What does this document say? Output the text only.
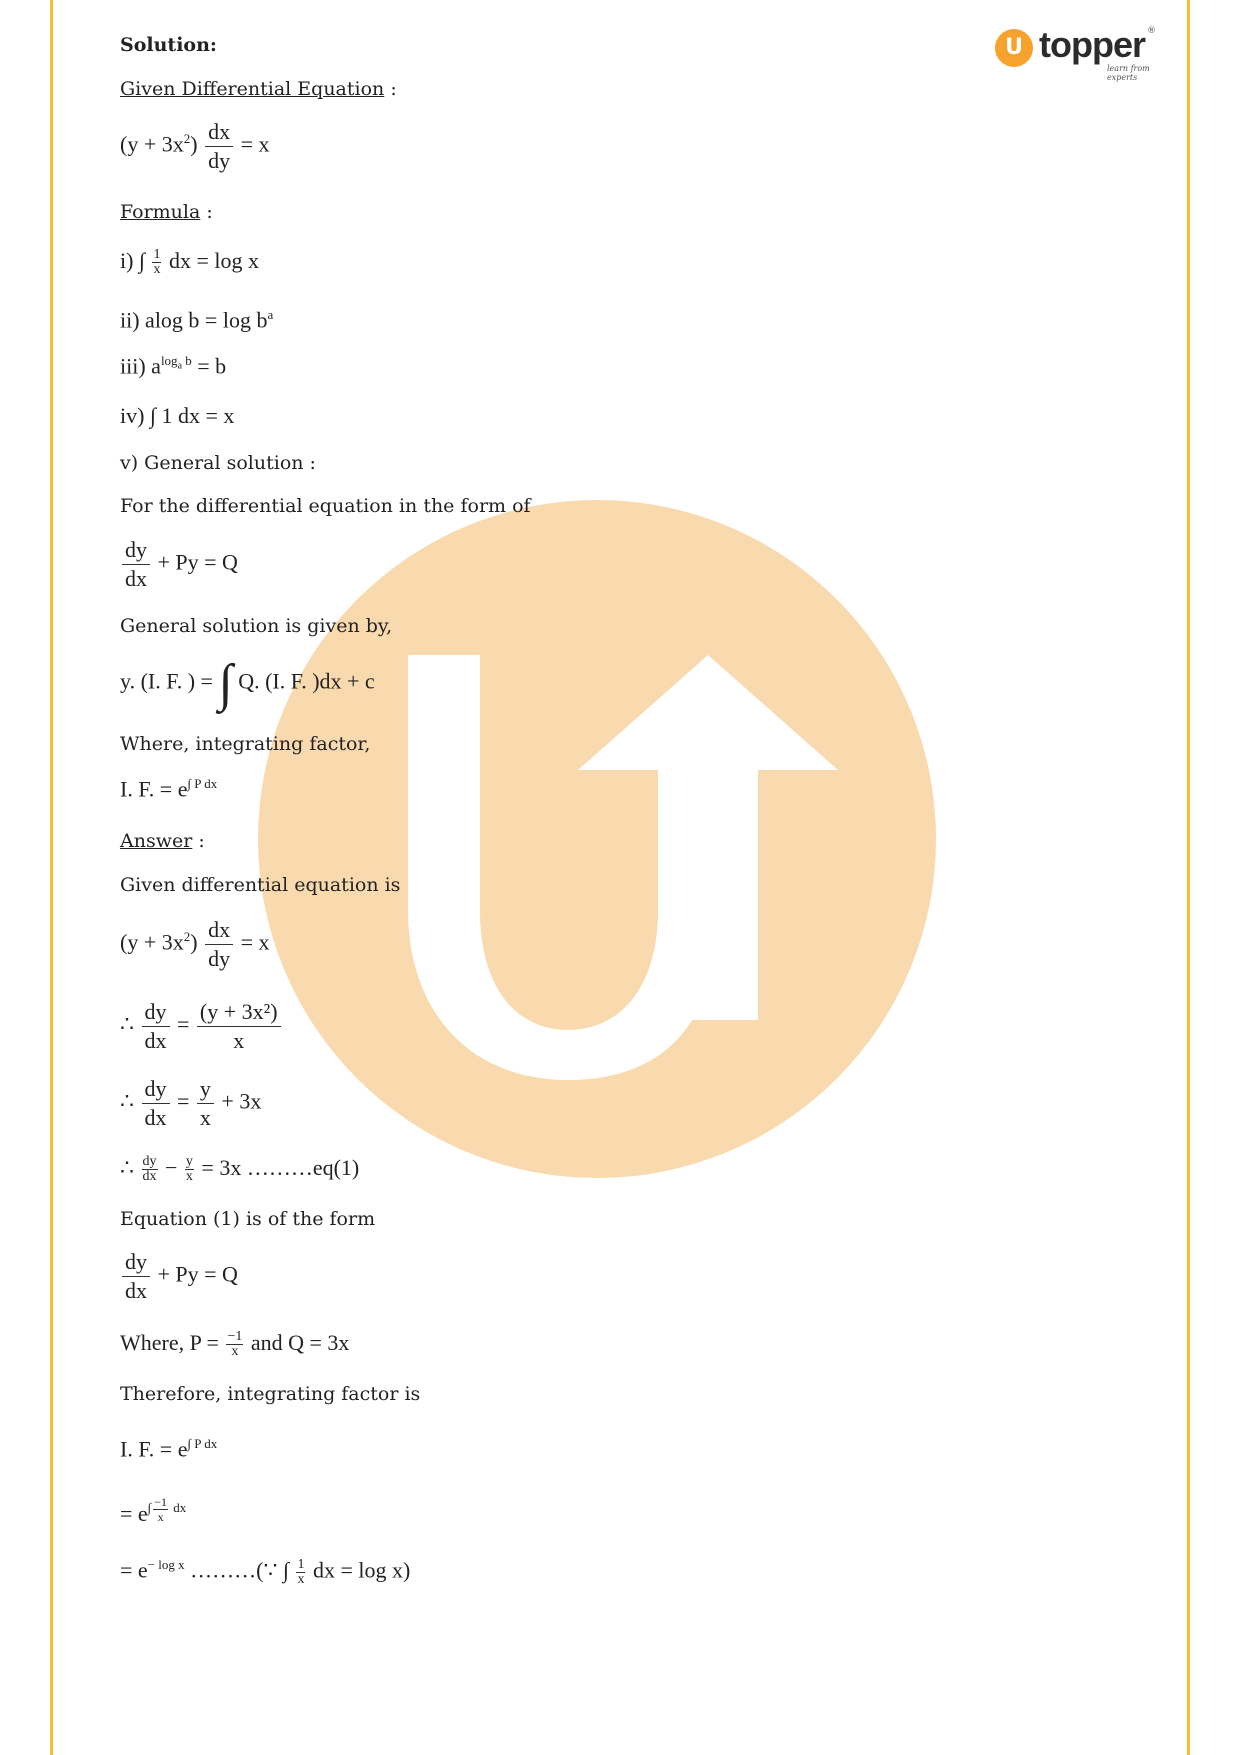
U topper
learn from experts
®
Solution:
Given Differential Equation :
$(y + 3x^2) \frac{dx}{dy} = x$
Formula :
i) ∫ $\frac{1}{x}$ dx = log x
ii) alog $b = \log b^a$
iii) $a^{log_a b} = b$
iv) ∫ 1 dx = x
v) General solution :
For the differential equation in the form of
$\frac{dy}{dx} + Py = Q$
General solution is given by,
y. (I. F. ) = ∫ Q. (I. F. )dx + c
Where, integrating factor,
I. F. = $e^{\int P dx}$
Answer :
Given differential equation is
$(y + 3x^2) \frac{dx}{dy} = x$
∴ $\frac{dy}{dx} = \frac{\text{(y + 3x²)}}{x}$
∴ $\frac{dy}{dx} = \frac{y}{x} + 3x$
∴ $\frac{dy}{dx} - \frac{y}{x} = 3x$ ………eq(1)
Equation (1) is of the form
$\frac{dy}{dx} + Py = Q$
Where, $P = \frac{-1}{x}$ and Q = 3x
Therefore, integrating factor is
I. F. = $e^{\int P dx}$
= $e^{\int \frac{-1}{x} dx}$
= $e^{- log x}$ ………(∵ ∫ $\frac{1}{x}$ dx = log x)
